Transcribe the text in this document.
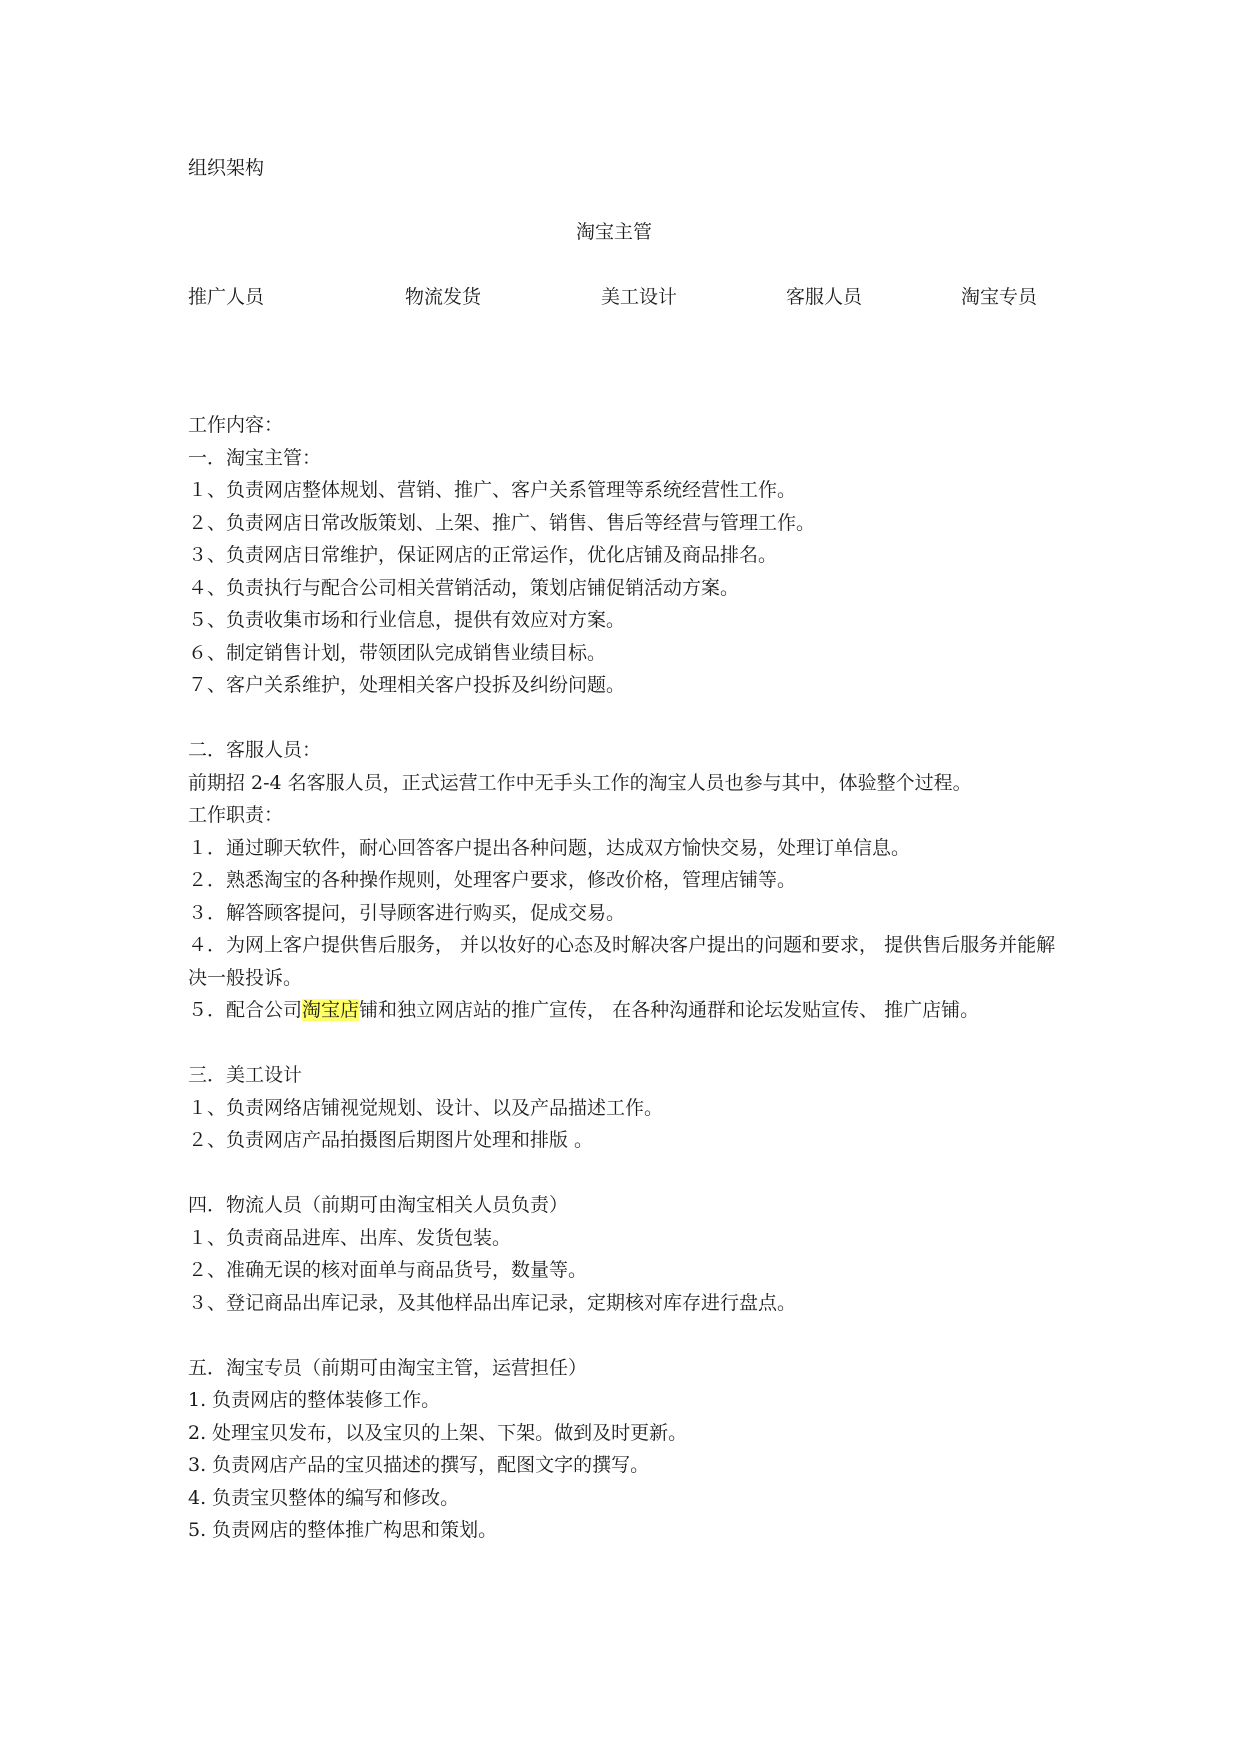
组织架构
淘宝主管
推广人员	物流发货	美工设计	客服人员	淘宝专员
工作内容：
一．淘宝主管：
１、负责网店整体规划、营销、推广、客户关系管理等系统经营性工作。
２、负责网店日常改版策划、上架、推广、销售、售后等经营与管理工作。
３、负责网店日常维护，保证网店的正常运作，优化店铺及商品排名。
４、负责执行与配合公司相关营销活动，策划店铺促销活动方案。
５、负责收集市场和行业信息，提供有效应对方案。
６、制定销售计划，带领团队完成销售业绩目标。
７、客户关系维护，处理相关客户投拆及纠纷问题。
二．客服人员：
前期招 2-4 名客服人员，正式运营工作中无手头工作的淘宝人员也参与其中，体验整个过程。
工作职责：
１．通过聊天软件，耐心回答客户提出各种问题，达成双方愉快交易，处理订单信息。
２．熟悉淘宝的各种操作规则，处理客户要求，修改价格，管理店铺等。
３．解答顾客提问，引导顾客进行购买，促成交易。
４．为网上客户提供售后服务， 并以妆好的心态及时解决客户提出的问题和要求， 提供售后服务并能解决一般投诉。
５．配合公司淘宝店铺和独立网店站的推广宣传， 在各种沟通群和论坛发贴宣传、 推广店铺。
三．美工设计
１、负责网络店铺视觉规划、设计、以及产品描述工作。
２、负责网店产品拍摄图后期图片处理和排版 。
四．物流人员（前期可由淘宝相关人员负责）
１、负责商品进库、出库、发货包装。
２、准确无误的核对面单与商品货号，数量等。
３、登记商品出库记录，及其他样品出库记录，定期核对库存进行盘点。
五．淘宝专员（前期可由淘宝主管，运营担任）
1. 负责网店的整体装修工作。
2. 处理宝贝发布，以及宝贝的上架、下架。做到及时更新。
3. 负责网店产品的宝贝描述的撰写，配图文字的撰写。
4. 负责宝贝整体的编写和修改。
5. 负责网店的整体推广构思和策划。
